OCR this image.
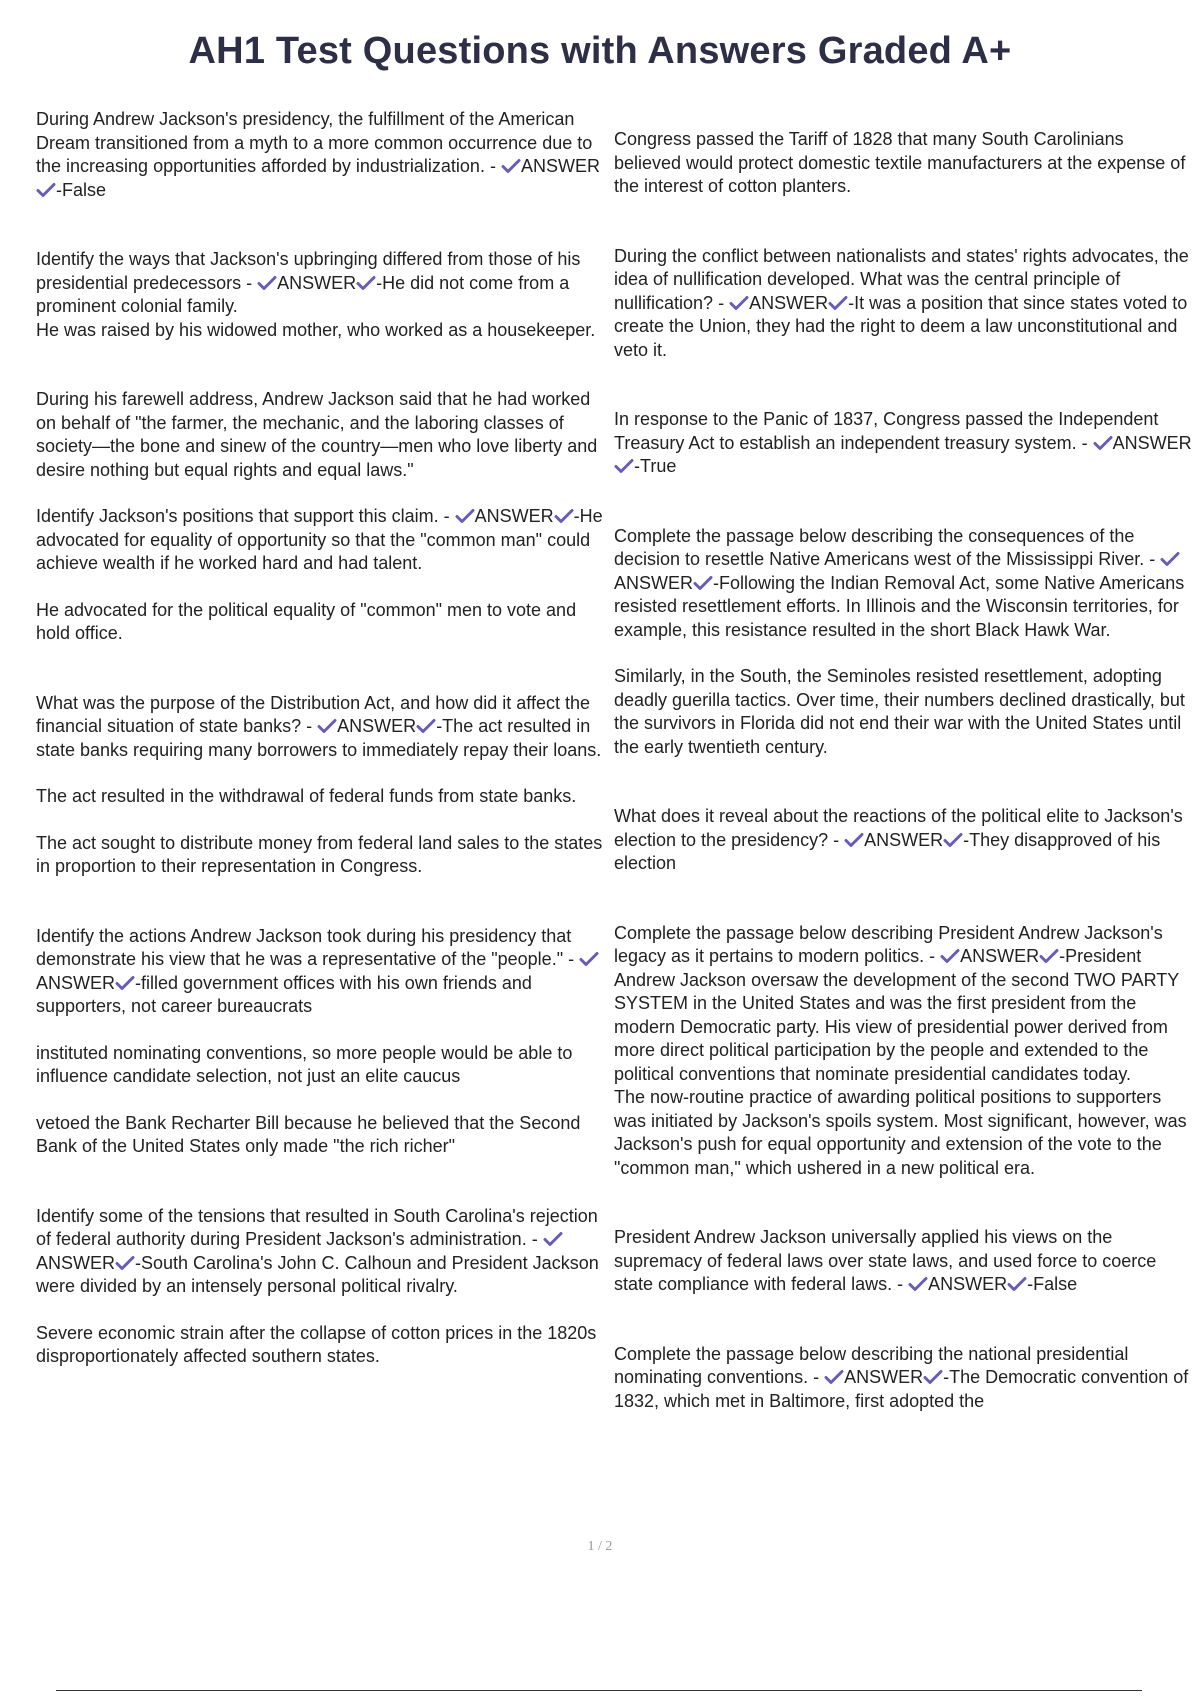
AH1 Test Questions with Answers Graded A+

During Andrew Jackson's presidency, the fulfillment of the American Dream transitioned from a myth to a more common occurrence due to the increasing opportunities afforded by industrialization. -
ANSWER
-False

Identify the ways that Jackson's upbringing differed from those of his presidential predecessors -
ANSWER -He did not come from a prominent colonial family.

He was raised by his widowed mother, who worked as a housekeeper.

During his farewell address, Andrew Jackson said that he had worked on behalf of "the farmer, the mechanic, and the laboring classes of society—the bone and sinew of the country—men who love liberty and desire nothing but equal rights and equal laws."

Identify Jackson's positions that support this claim. -
ANSWER -He advocated for equality of opportunity so that the "common man" could achieve wealth if he worked hard and had talent.

He advocated for the political equality of "common" men to vote and hold office.

What was the purpose of the Distribution Act, and how did it affect the financial situation of state banks? -
ANSWER -The act resulted in state banks requiring many borrowers to immediately repay their loans.

The act resulted in the withdrawal of federal funds from state banks.

The act sought to distribute money from federal land sales to the states in proportion to their representation in Congress.

Identify the actions Andrew Jackson took during his presidency that demonstrate his view that he was a representative of the "people." -
ANSWER -filled government offices with his own friends and supporters, not career bureaucrats

instituted nominating conventions, so more people would be able to influence candidate selection, not just an elite caucus

vetoed the Bank Recharter Bill because he believed that the Second Bank of the United States only made "the rich richer"

Identify some of the tensions that resulted in South Carolina's rejection of federal authority during President Jackson's administration. -
ANSWER -South Carolina's John C. Calhoun and President Jackson were divided by an intensely personal political rivalry.

Severe economic strain after the collapse of cotton prices in the 1820s disproportionately affected southern states.

Congress passed the Tariff of 1828 that many South Carolinians believed would protect domestic textile manufacturers at the expense of the interest of cotton planters.

During the conflict between nationalists and states' rights advocates, the idea of nullification developed. What was the central principle of nullification? -
ANSWER -It was a position that since states voted to create the Union, they had the right to deem a law unconstitutional and veto it.

In response to the Panic of 1837, Congress passed the Independent Treasury Act to establish an independent treasury system. -
ANSWER
-True

Complete the passage below describing the consequences of the decision to resettle Native Americans west of the Mississippi River. -
ANSWER -Following the Indian Removal Act, some Native Americans resisted resettlement efforts. In Illinois and the Wisconsin territories, for example, this resistance resulted in the short Black Hawk War.

Similarly, in the South, the Seminoles resisted resettlement, adopting deadly guerilla tactics. Over time, their numbers declined drastically, but the survivors in Florida did not end their war with the United States until the early twentieth century.

What does it reveal about the reactions of the political elite to Jackson's election to the presidency? -
ANSWER -They disapproved of his election

Complete the passage below describing President Andrew Jackson's legacy as it pertains to modern politics. -
ANSWER -President Andrew Jackson oversaw the development of the second TWO PARTY SYSTEM in the United States and was the first president from the modern Democratic party. His view of presidential power derived from more direct political participation by the people and extended to the political conventions that nominate presidential candidates today.

The now-routine practice of awarding political positions to supporters was initiated by Jackson's spoils system. Most significant, however, was Jackson's push for equal opportunity and extension of the vote to the "common man," which ushered in a new political era.

President Andrew Jackson universally applied his views on the supremacy of federal laws over state laws, and used force to coerce state compliance with federal laws. -
ANSWER -False

Complete the passage below describing the national presidential nominating conventions. -
ANSWER -The Democratic convention of 1832, which met in Baltimore, first adopted the

1 / 2
